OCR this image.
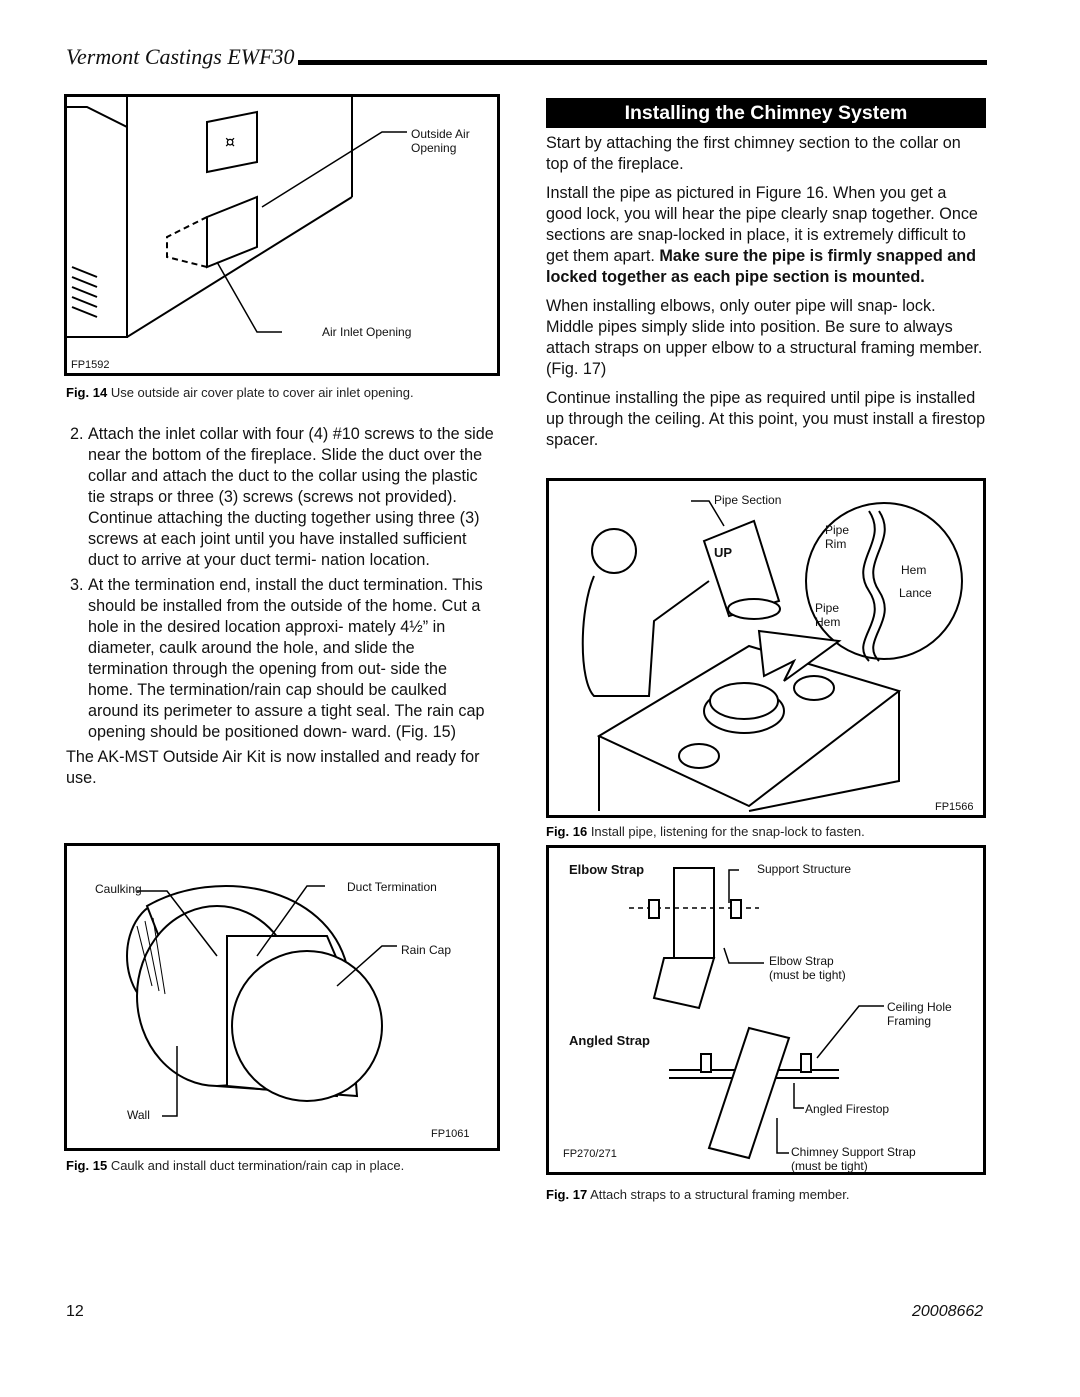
Vermont Castings EWF30
¤	Outside Air
Opening
Air Inlet Opening
FP1592
Fig. 14 Use outside air cover plate to cover air inlet opening.
2. Attach the inlet collar with four (4) #10 screws to the side near the bottom of the fireplace. Slide the duct over the collar and attach the duct to the collar using the plastic tie straps or three (3) screws (screws not provided). Continue attaching the ducting together using three (3) screws at each joint until you have installed sufficient duct to arrive at your duct termi- nation location.
3. At the termination end, install the duct termination. This should be installed from the outside of the home. Cut a hole in the desired location approxi- mately 4½” in diameter, caulk around the hole, and slide the termination through the opening from out- side the home. The termination/rain cap should be caulked around its perimeter to assure a tight seal. The rain cap opening should be positioned down- ward. (Fig. 15)

The AK-MST Outside Air Kit is now installed and ready for use.

Caulking	Duct Termination
Rain Cap
Wall
FP1061
Fig. 15 Caulk and install duct termination/rain cap in place.
Installing the Chimney System

Start by attaching the first chimney section to the collar on top of the fireplace.

Install the pipe as pictured in Figure 16. When you get a good lock, you will hear the pipe clearly snap together. Once sections are snap-locked in place, it is extremely difficult to get them apart. Make sure the pipe is firmly snapped and locked together as each pipe section is mounted.

When installing elbows, only outer pipe will snap- lock. Middle pipes simply slide into position. Be sure to always attach straps on upper elbow to a structural framing member. (Fig. 17)

Continue installing the pipe as required until pipe is installed up through the ceiling. At this point, you must install a firestop spacer.

Pipe Section
UP
Pipe Rim
Hem
Lance
Pipe Hem
FP1566
Fig. 16 Install pipe, listening for the snap-lock to fasten.
Elbow Strap	Support Structure
Elbow Strap
(must be tight)
Ceiling Hole
Framing
Angled Strap
Angled Firestop
Chimney Support Strap
(must be tight)
FP270/271
Fig. 17 Attach straps to a structural framing member.
12	20008662
